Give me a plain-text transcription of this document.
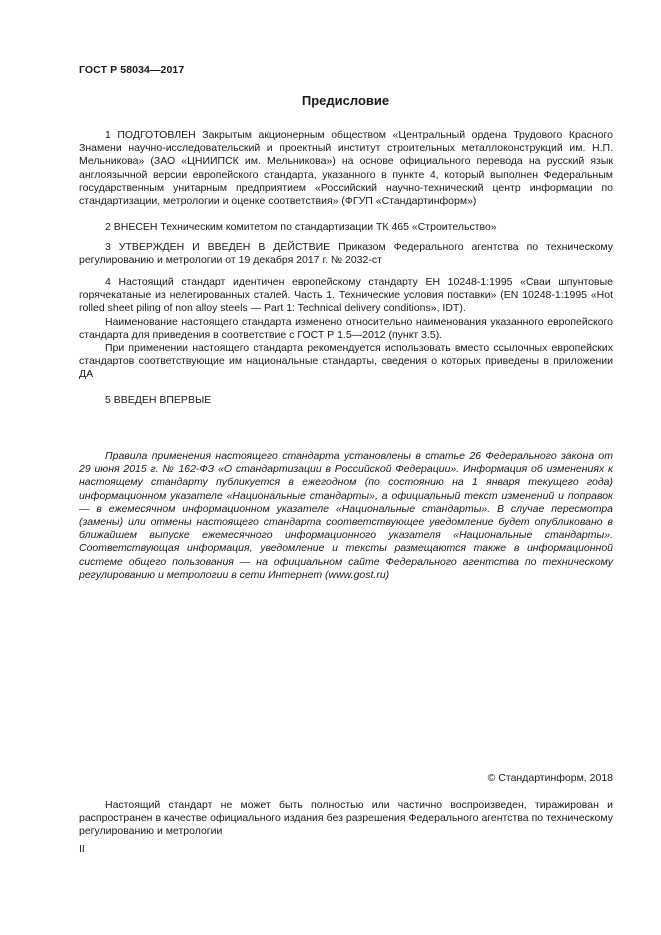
ГОСТ Р 58034—2017
Предисловие

1 ПОДГОТОВЛЕН Закрытым акционерным обществом «Центральный ордена Трудового Красного Знамени научно-исследовательский и проектный институт строительных металлоконструкций им. Н.П. Мельникова» (ЗАО «ЦНИИПСК им. Мельникова») на основе официального перевода на русский язык англоязычной версии европейского стандарта, указанного в пункте 4, который выполнен Федеральным государственным унитарным предприятием «Российский научно-технический центр информации по стандартизации, метрологии и оценке соответствия» (ФГУП «Стандартинформ»)

2 ВНЕСЕН Техническим комитетом по стандартизации ТК 465 «Строительство»

3 УТВЕРЖДЕН И ВВЕДЕН В ДЕЙСТВИЕ Приказом Федерального агентства по техническому регулированию и метрологии от 19 декабря 2017 г. № 2032-ст

4 Настоящий стандарт идентичен европейскому стандарту ЕН 10248-1:1995 «Сваи шпунтовые горячекатаные из нелегированных сталей. Часть 1. Технические условия поставки» (EN 10248-1:1995 «Hot rolled sheet piling of non alloy steels — Part 1: Technical delivery conditions», IDT).

Наименование настоящего стандарта изменено относительно наименования указанного европейского стандарта для приведения в соответствие с ГОСТ Р 1.5—2012 (пункт 3.5).

При применении настоящего стандарта рекомендуется использовать вместо ссылочных европейских стандартов соответствующие им национальные стандарты, сведения о которых приведены в приложении ДА

5 ВВЕДЕН ВПЕРВЫЕ

Правила применения настоящего стандарта установлены в статье 26 Федерального закона от 29 июня 2015 г. № 162-ФЗ «О стандартизации в Российской Федерации». Информация об изменениях к настоящему стандарту публикуется в ежегодном (по состоянию на 1 января текущего года) информационном указателе «Национальные стандарты», а официальный текст изменений и поправок — в ежемесячном информационном указателе «Национальные стандарты». В случае пересмотра (замены) или отмены настоящего стандарта соответствующее уведомление будет опубликовано в ближайшем выпуске ежемесячного информационного указателя «Национальные стандарты». Соответствующая информация, уведомление и тексты размещаются также в информационной системе общего пользования — на официальном сайте Федерального агентства по техническому регулированию и метрологии в сети Интернет (www.gost.ru)

© Стандартинформ, 2018

Настоящий стандарт не может быть полностью или частично воспроизведен, тиражирован и распространен в качестве официального издания без разрешения Федерального агентства по техническому регулированию и метрологии

II
